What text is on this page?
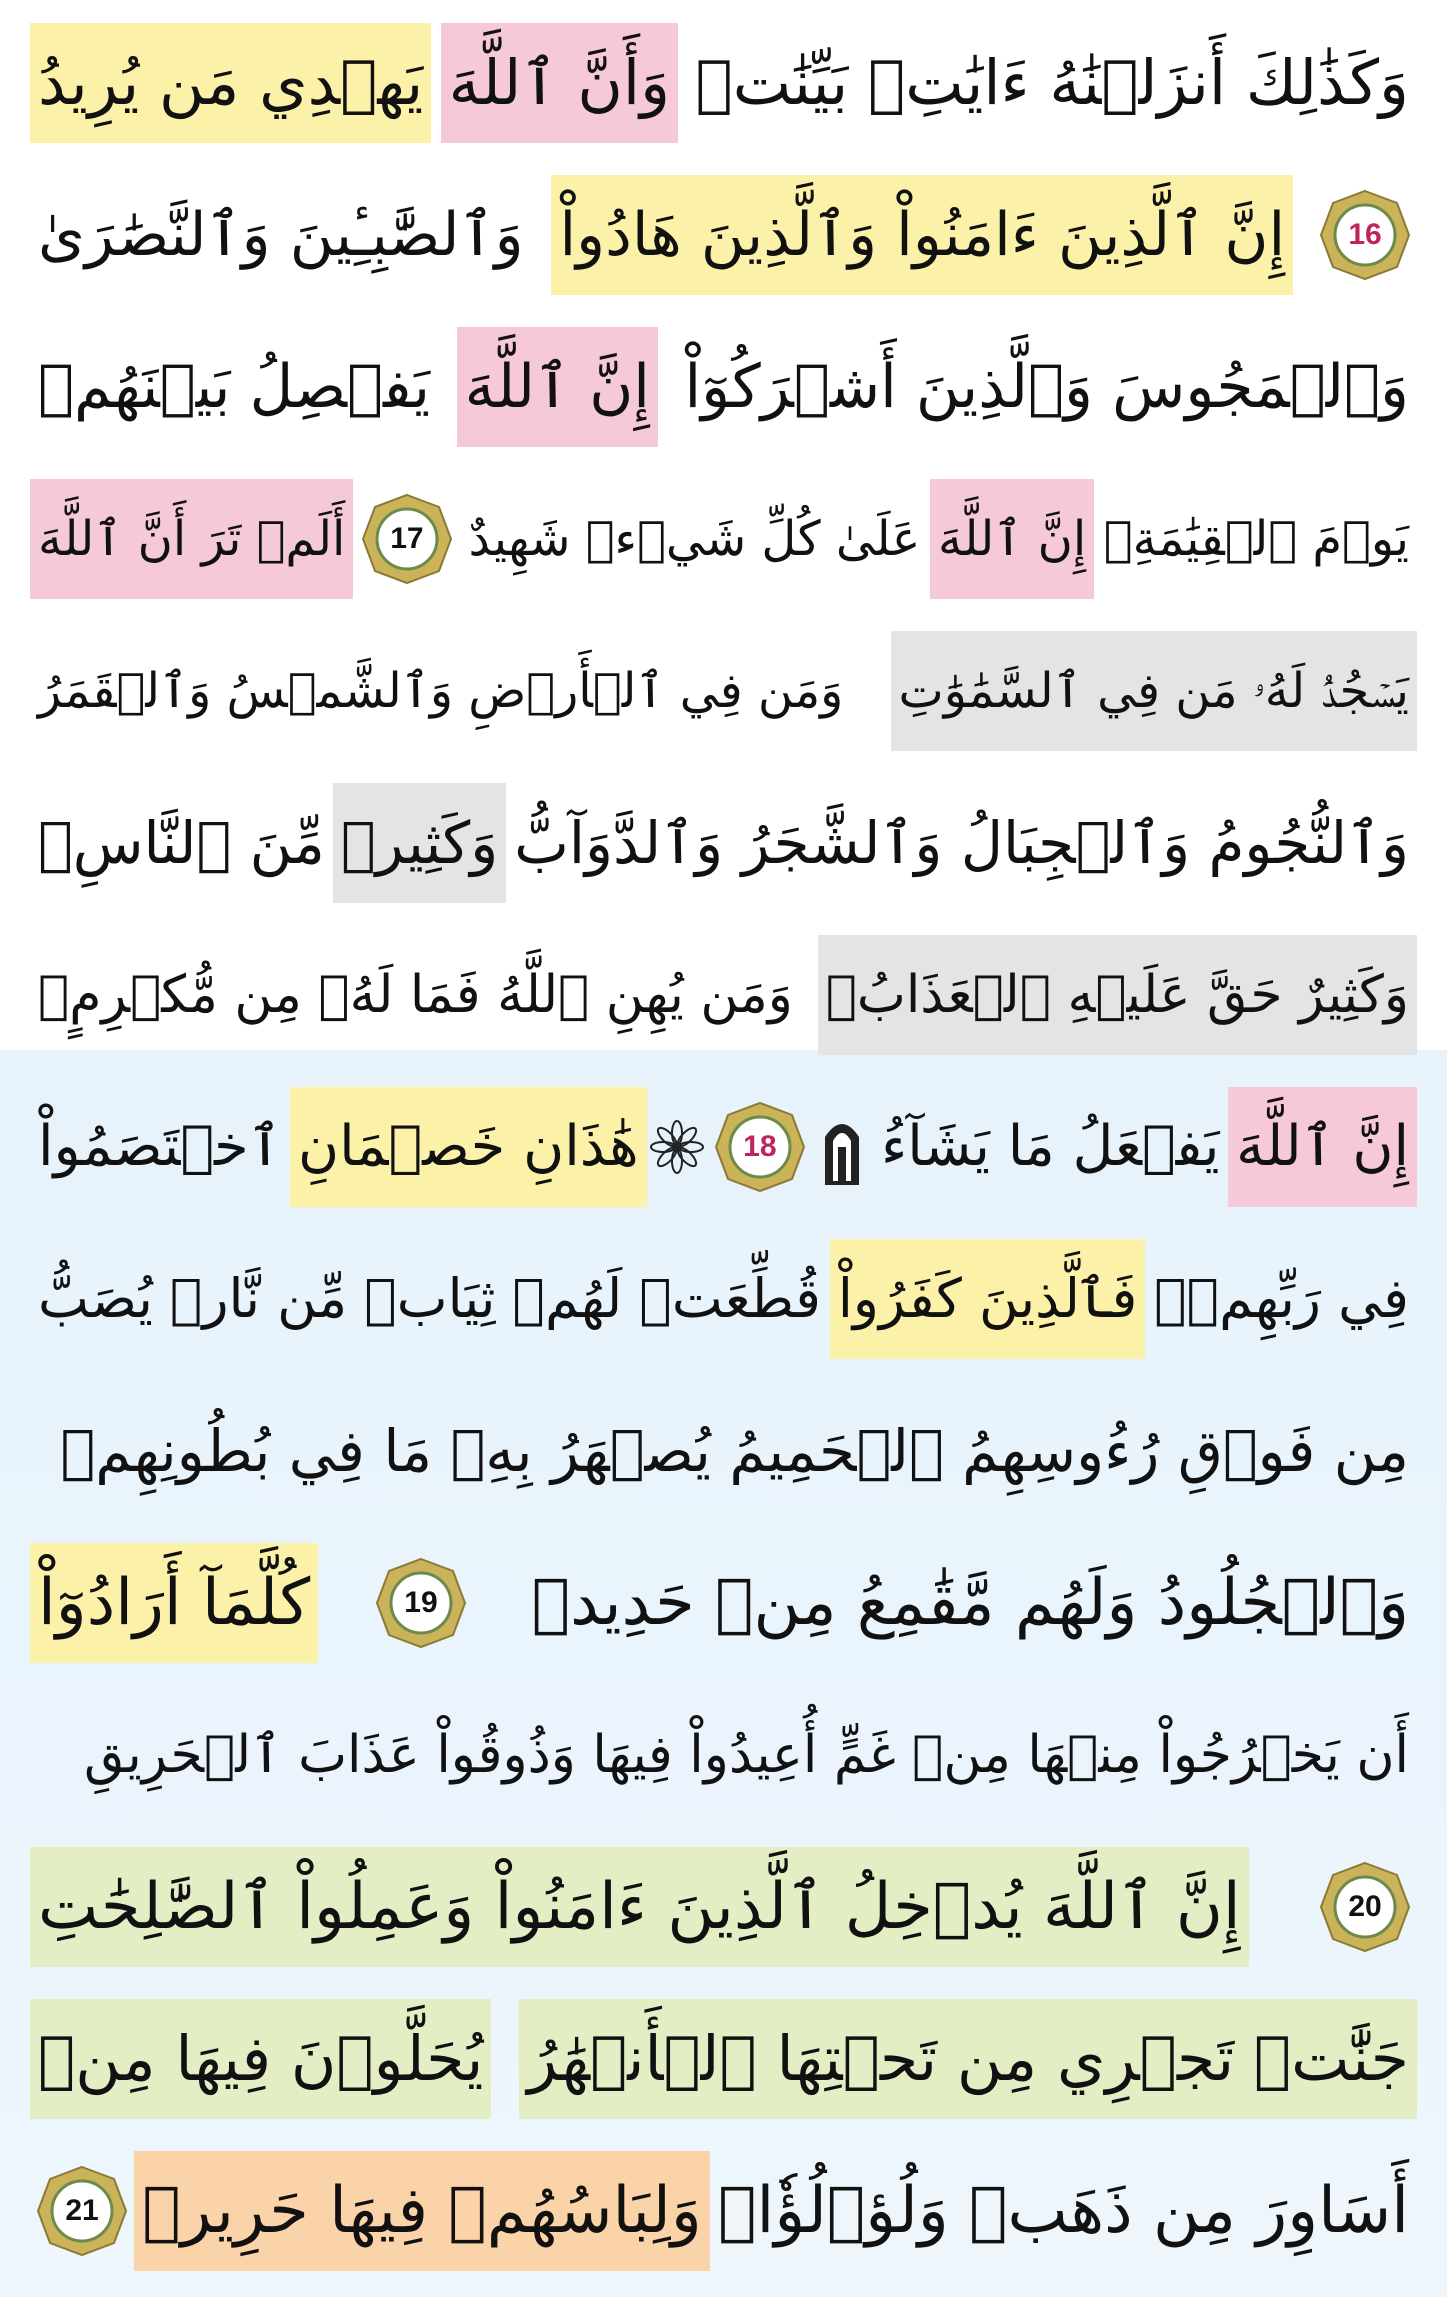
وَكَذَٰلِكَ أَنزَلۡنَٰهُ ءَايَٰتِۭ بَيِّنَٰتٖ
وَأَنَّ ٱللَّهَ
يَهۡدِي مَن يُرِيدُ
16
إِنَّ ٱلَّذِينَ ءَامَنُواْ وَٱلَّذِينَ هَادُواْ
وَٱلصَّٰبِـِٔينَ وَٱلنَّصَٰرَىٰ
وَٱلۡمَجُوسَ وَٱلَّذِينَ أَشۡرَكُوٓاْ
إِنَّ ٱللَّهَ
يَفۡصِلُ بَيۡنَهُمۡ
يَوۡمَ ٱلۡقِيَٰمَةِۚ
إِنَّ ٱللَّهَ
عَلَىٰ كُلِّ شَيۡءٖ شَهِيدٌ
17
أَلَمۡ تَرَ أَنَّ ٱللَّهَ
يَسۡجُدُۤ لَهُۥ مَن فِي ٱلسَّمَٰوَٰتِ
وَمَن فِي ٱلۡأَرۡضِ وَٱلشَّمۡسُ وَٱلۡقَمَرُ
وَٱلنُّجُومُ وَٱلۡجِبَالُ وَٱلشَّجَرُ وَٱلدَّوَآبُّ
وَكَثِيرٞ
مِّنَ ٱلنَّاسِۖ
وَكَثِيرٌ حَقَّ عَلَيۡهِ ٱلۡعَذَابُۗ
وَمَن يُهِنِ ٱللَّهُ فَمَا لَهُۥ مِن مُّكۡرِمٍۚ
إِنَّ ٱللَّهَ
يَفۡعَلُ مَا يَشَآءُ
18
هَٰذَانِ خَصۡمَانِ
ٱخۡتَصَمُواْ
فِي رَبِّهِمۡۖ
فَٱلَّذِينَ كَفَرُواْ
قُطِّعَتۡ لَهُمۡ ثِيَابٞ مِّن نَّارٖ يُصَبُّ
مِن فَوۡقِ رُءُوسِهِمُ ٱلۡحَمِيمُ يُصۡهَرُ بِهِۦ مَا فِي بُطُونِهِمۡ
وَٱلۡجُلُودُ وَلَهُم مَّقَٰمِعُ مِنۡ حَدِيدٖ
19
كُلَّمَآ أَرَادُوٓاْ
أَن يَخۡرُجُواْ مِنۡهَا مِنۡ غَمٍّ أُعِيدُواْ فِيهَا وَذُوقُواْ عَذَابَ ٱلۡحَرِيقِ
20
إِنَّ ٱللَّهَ يُدۡخِلُ ٱلَّذِينَ ءَامَنُواْ وَعَمِلُواْ ٱلصَّٰلِحَٰتِ
جَنَّٰتٖ تَجۡرِي مِن تَحۡتِهَا ٱلۡأَنۡهَٰرُ
يُحَلَّوۡنَ فِيهَا مِنۡ
أَسَاوِرَ مِن ذَهَبٖ وَلُؤۡلُؤٗاۖ
وَلِبَاسُهُمۡ فِيهَا حَرِيرٞ
21
